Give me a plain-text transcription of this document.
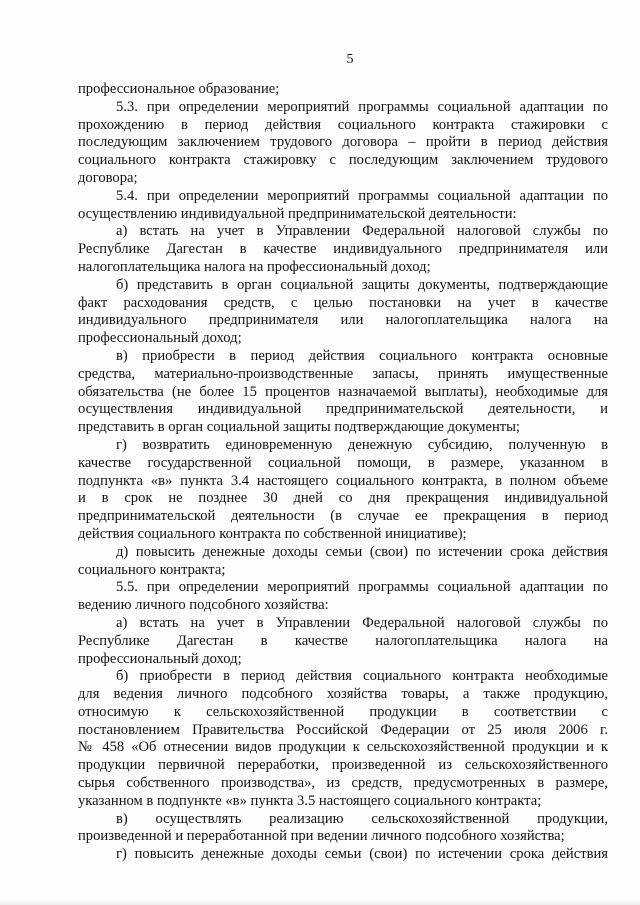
5

профессиональное образование;

5.3. при определении мероприятий программы социальной адаптации по

прохождению в период действия социального контракта стажировки с

последующим заключением трудового договора – пройти в период действия

социального контракта стажировку с последующим заключением трудового

договора;

5.4. при определении мероприятий программы социальной адаптации по

осуществлению индивидуальной предпринимательской деятельности:

а) встать на учет в Управлении Федеральной налоговой службы по

Республике Дагестан в качестве индивидуального предпринимателя или

налогоплательщика налога на профессиональный доход;

б) представить в орган социальной защиты документы, подтверждающие

факт расходования средств, с целью постановки на учет в качестве

индивидуального предпринимателя или налогоплательщика налога на

профессиональный доход;

в) приобрести в период действия социального контракта основные

средства, материально-производственные запасы, принять имущественные

обязательства (не более 15 процентов назначаемой выплаты), необходимые для

осуществления индивидуальной предпринимательской деятельности, и

представить в орган социальной защиты подтверждающие документы;

г) возвратить единовременную денежную субсидию, полученную в

качестве государственной социальной помощи, в размере, указанном в

подпункта «в» пункта 3.4 настоящего социального контракта, в полном объеме

и в срок не позднее 30 дней со дня прекращения индивидуальной

предпринимательской деятельности (в случае ее прекращения в период

действия социального контракта по собственной инициативе);

д) повысить денежные доходы семьи (свои) по истечении срока действия

социального контракта;

5.5. при определении мероприятий программы социальной адаптации по

ведению личного подсобного хозяйства:

а) встать на учет в Управлении Федеральной налоговой службы по

Республике Дагестан в качестве налогоплательщика налога на

профессиональный доход;

б) приобрести в период действия социального контракта необходимые

для ведения личного подсобного хозяйства товары, а также продукцию,

относимую к сельскохозяйственной продукции в соответствии с

постановлением Правительства Российской Федерации от 25 июля 2006 г.

№ 458 «Об отнесении видов продукции к сельскохозяйственной продукции и к

продукции первичной переработки, произведенной из сельскохозяйственного

сырья собственного производства», из средств, предусмотренных в размере,

указанном в подпункте «в» пункта 3.5 настоящего социального контракта;

в) осуществлять реализацию сельскохозяйственной продукции,

произведенной и переработанной при ведении личного подсобного хозяйства;

г) повысить денежные доходы семьи (свои) по истечении срока действия
